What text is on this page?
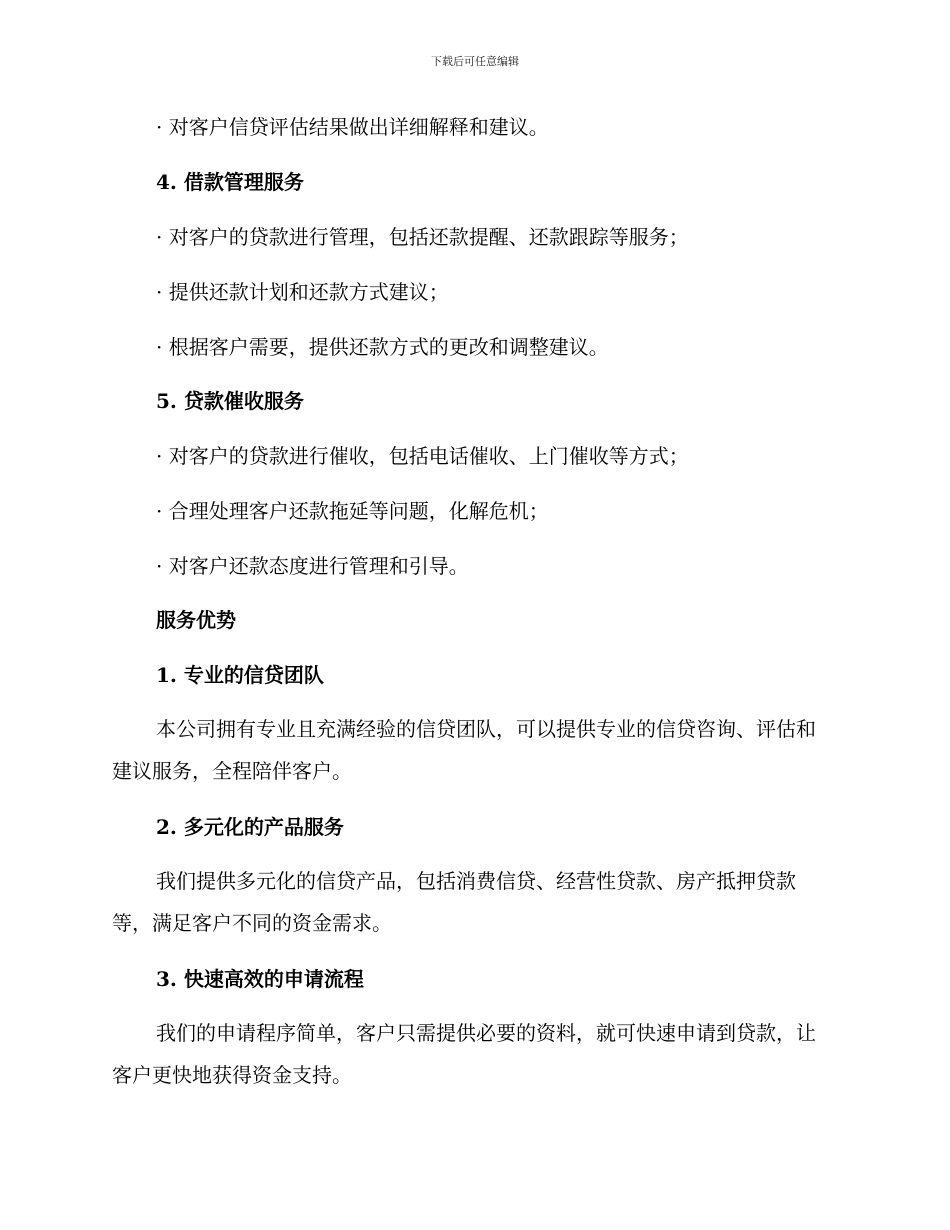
下载后可任意编辑
· 对客户信贷评估结果做出详细解释和建议。
4. 借款管理服务
· 对客户的贷款进行管理，包括还款提醒、还款跟踪等服务；
· 提供还款计划和还款方式建议；
· 根据客户需要，提供还款方式的更改和调整建议。
5. 贷款催收服务
· 对客户的贷款进行催收，包括电话催收、上门催收等方式；
· 合理处理客户还款拖延等问题，化解危机；
· 对客户还款态度进行管理和引导。
服务优势
1. 专业的信贷团队
本公司拥有专业且充满经验的信贷团队，可以提供专业的信贷咨询、评估和建议服务，全程陪伴客户。
2. 多元化的产品服务
我们提供多元化的信贷产品，包括消费信贷、经营性贷款、房产抵押贷款等，满足客户不同的资金需求。
3. 快速高效的申请流程
我们的申请程序简单，客户只需提供必要的资料，就可快速申请到贷款，让客户更快地获得资金支持。
